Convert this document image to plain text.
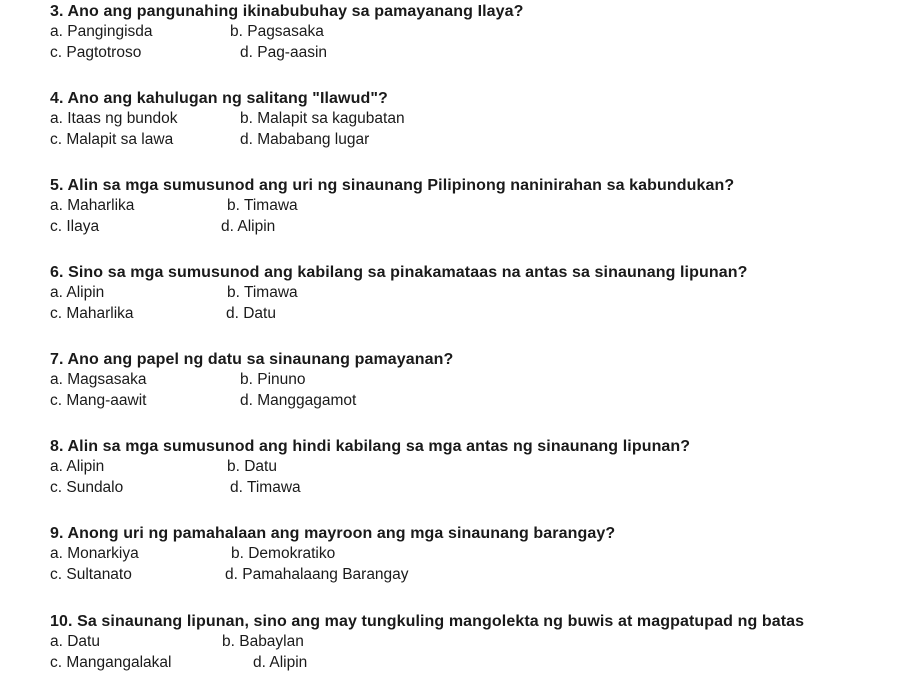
3. Ano ang pangunahing ikinabubuhay sa pamayanang Ilaya?

a. Pangingisda	b. Pagsasaka
c. Pagtotroso	d. Pag-aasin

4. Ano ang kahulugan ng salitang "Ilawud"?

a. Itaas ng bundok	b. Malapit sa kagubatan
c. Malapit sa lawa	d. Mababang lugar

5. Alin sa mga sumusunod ang uri ng sinaunang Pilipinong naninirahan sa kabundukan?

a. Maharlika	b. Timawa
c. Ilaya	d. Alipin

6. Sino sa mga sumusunod ang kabilang sa pinakamataas na antas sa sinaunang lipunan?

a. Alipin	b. Timawa
c. Maharlika	d. Datu

7. Ano ang papel ng datu sa sinaunang pamayanan?

a. Magsasaka	b. Pinuno
c. Mang-aawit	d. Manggagamot

8. Alin sa mga sumusunod ang hindi kabilang sa mga antas ng sinaunang lipunan?

a. Alipin	b. Datu
c. Sundalo	d. Timawa

9. Anong uri ng pamahalaan ang mayroon ang mga sinaunang barangay?

a. Monarkiya	b. Demokratiko
c. Sultanato	d. Pamahalaang Barangay

10. Sa sinaunang lipunan, sino ang may tungkuling mangolekta ng buwis at magpatupad ng batas

a. Datu	b. Babaylan
c. Mangangalakal	d. Alipin
